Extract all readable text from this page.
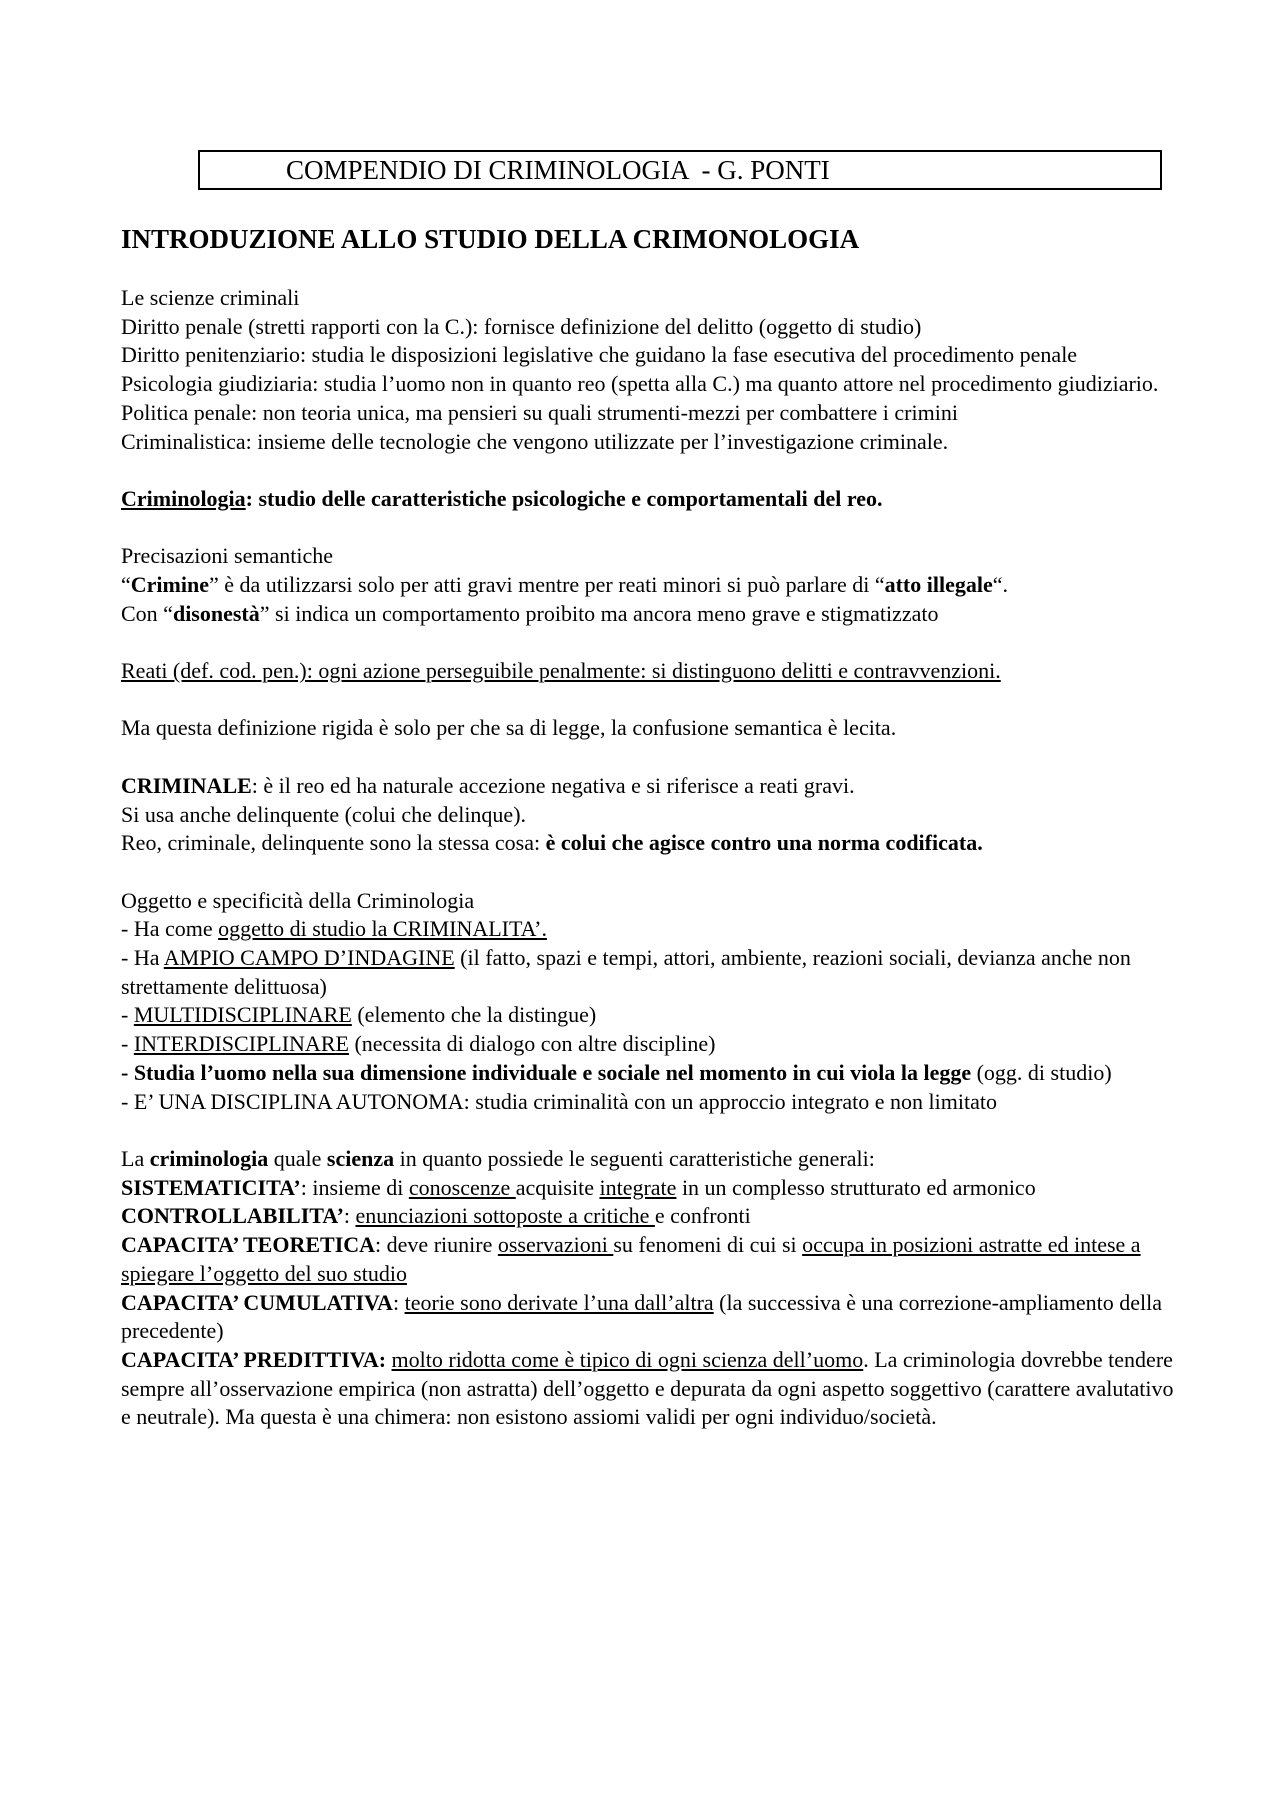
COMPENDIO DI CRIMINOLOGIA  - G. PONTI
INTRODUZIONE ALLO STUDIO DELLA CRIMONOLOGIA

Le scienze criminali

Diritto penale (stretti rapporti con la C.): fornisce definizione del delitto (oggetto di studio)

Diritto penitenziario: studia le disposizioni legislative che guidano la fase esecutiva del procedimento penale

Psicologia giudiziaria: studia l’uomo non in quanto reo (spetta alla C.) ma quanto attore nel procedimento giudiziario.

Politica penale: non teoria unica, ma pensieri su quali strumenti-mezzi per combattere i crimini

Criminalistica: insieme delle tecnologie che vengono utilizzate per l’investigazione criminale.

Criminologia: studio delle caratteristiche psicologiche e comportamentali del reo.

Precisazioni semantiche

“Crimine” è da utilizzarsi solo per atti gravi mentre per reati minori si può parlare di “atto illegale“.

Con “disonestà” si indica un comportamento proibito ma ancora meno grave e stigmatizzato

Reati (def. cod. pen.): ogni azione perseguibile penalmente: si distinguono delitti e contravvenzioni.

Ma questa definizione rigida è solo per che sa di legge, la confusione semantica è lecita.

CRIMINALE: è il reo ed ha naturale accezione negativa e si riferisce a reati gravi.

Si usa anche delinquente (colui che delinque).

Reo, criminale, delinquente sono la stessa cosa: è colui che agisce contro una norma codificata.

Oggetto e specificità della Criminologia

- Ha come oggetto di studio la CRIMINALITA’.

- Ha AMPIO CAMPO D’INDAGINE (il fatto, spazi e tempi, attori, ambiente, reazioni sociali, devianza anche non strettamente delittuosa)

- MULTIDISCIPLINARE (elemento che la distingue)

- INTERDISCIPLINARE (necessita di dialogo con altre discipline)

- Studia l’uomo nella sua dimensione individuale e sociale nel momento in cui viola la legge (ogg. di studio)

- E’ UNA DISCIPLINA AUTONOMA: studia criminalità con un approccio integrato e non limitato

La criminologia quale scienza in quanto possiede le seguenti caratteristiche generali:

SISTEMATICITA’: insieme di conoscenze acquisite integrate in un complesso strutturato ed armonico

CONTROLLABILITA’: enunciazioni sottoposte a critiche e confronti

CAPACITA’ TEORETICA: deve riunire osservazioni su fenomeni di cui si occupa in posizioni astratte ed intese a spiegare l’oggetto del suo studio

CAPACITA’ CUMULATIVA: teorie sono derivate l’una dall’altra (la successiva è una correzione-ampliamento della precedente)

CAPACITA’ PREDITTIVA: molto ridotta come è tipico di ogni scienza dell’uomo. La criminologia dovrebbe tendere sempre all’osservazione empirica (non astratta) dell’oggetto e depurata da ogni aspetto soggettivo (carattere avalutativo e neutrale). Ma questa è una chimera: non esistono assiomi validi per ogni individuo/società.
